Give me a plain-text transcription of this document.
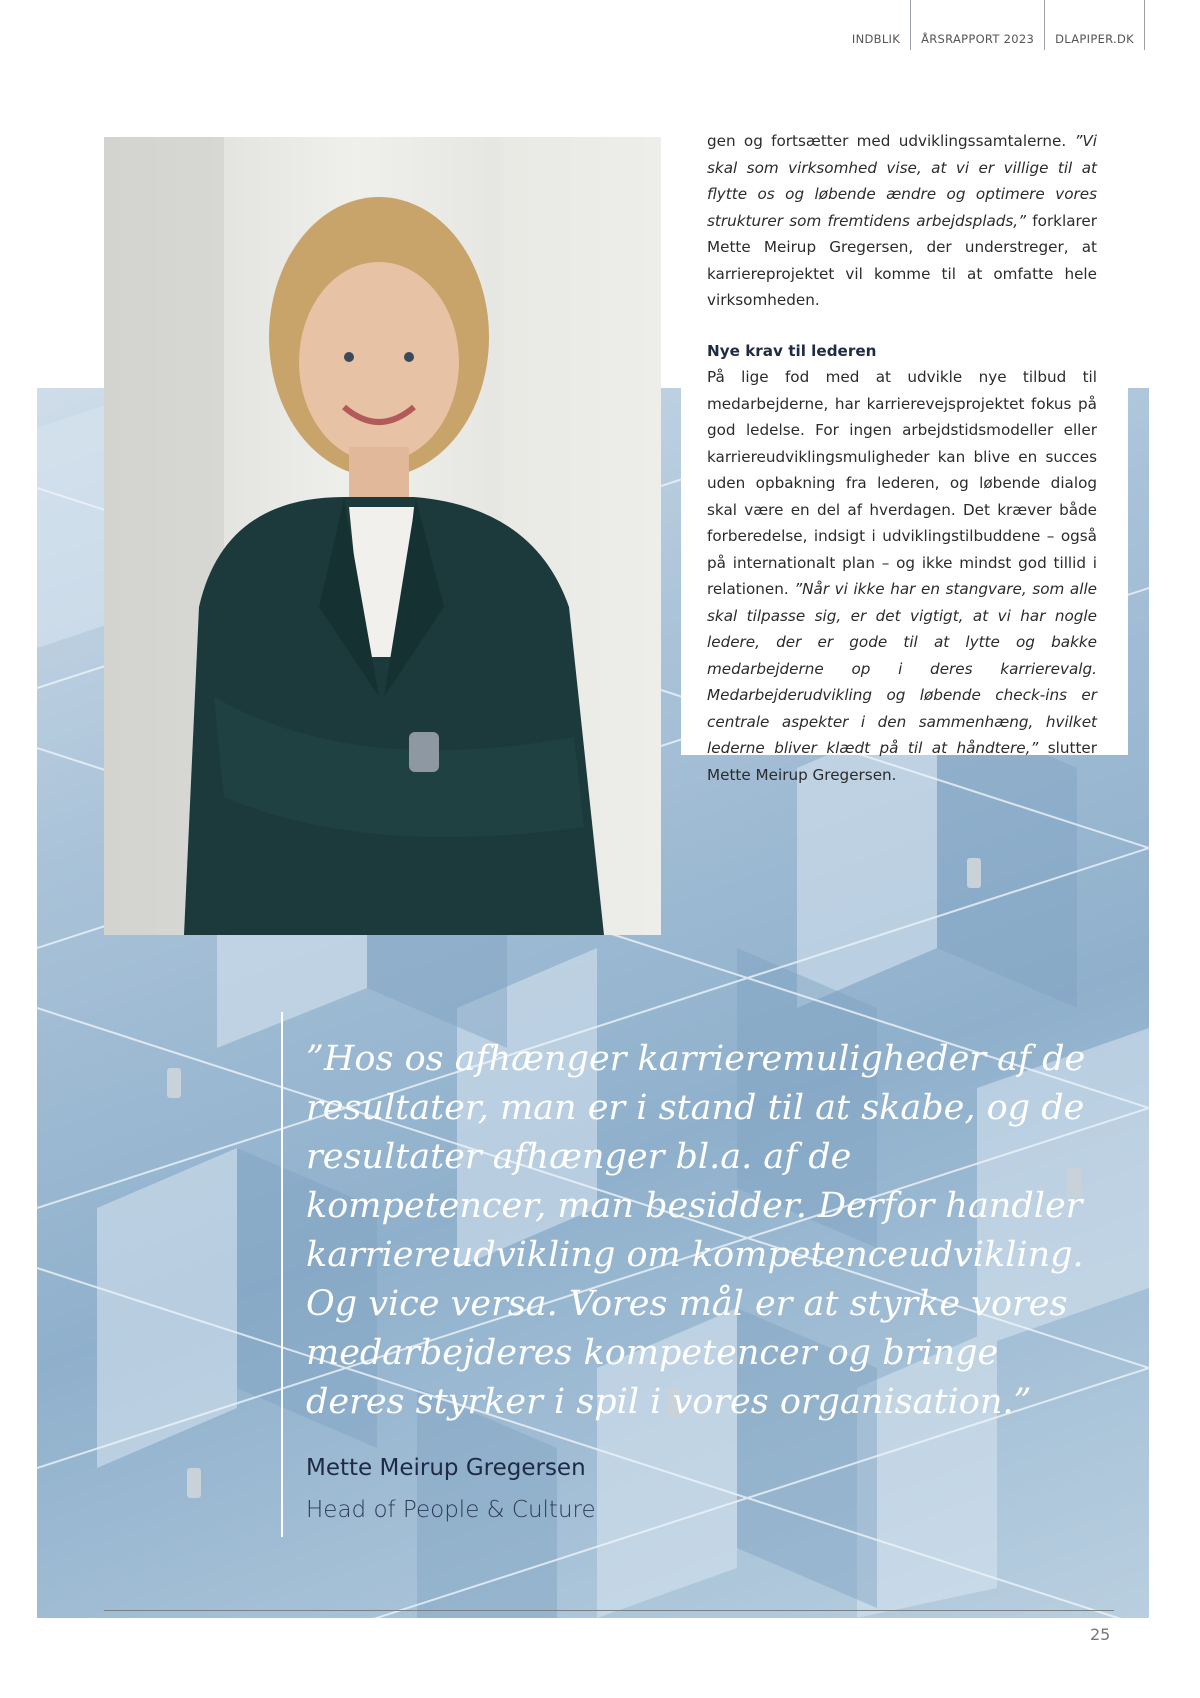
INDBLIK	ÅRSRAPPORT 2023	DLAPIPER.DK

gen og fortsætter med udviklingssamtalerne. ”Vi skal som virksomhed vise, at vi er villige til at flytte os og løbende ændre og optimere vores strukturer som fremtidens arbejdsplads,” forklarer Mette Meirup Gregersen, der understreger, at karriereprojektet vil komme til at omfatte hele virksomheden.

Nye krav til lederen

På lige fod med at udvikle nye tilbud til medarbejderne, har karrierevejsprojektet fokus på god ledelse. For ingen arbejdstidsmodeller eller karriereudviklingsmuligheder kan blive en succes uden opbakning fra lederen, og løbende dialog skal være en del af hverdagen. Det kræver både forberedelse, indsigt i udviklingstilbuddene – også på internationalt plan – og ikke mindst god tillid i relationen. ”Når vi ikke har en stangvare, som alle skal tilpasse sig, er det vigtigt, at vi har nogle ledere, der er gode til at lytte og bakke medarbejderne op i deres karrierevalg. Medarbejderudvikling og løbende check-ins er centrale aspekter i den sammenhæng, hvilket lederne bliver klædt på til at håndtere,” slutter Mette Meirup Gregersen.

”Hos os afhænger karrieremuligheder af de resultater, man er i stand til at skabe, og de resultater afhænger bl.a. af de kompetencer, man besidder. Derfor handler karriereudvikling om kompetenceudvikling. Og vice versa. Vores mål er at styrke vores medarbejderes kompetencer og bringe deres styrker i spil i vores organisation.”
Mette Meirup Gregersen
Head of People & Culture
25
